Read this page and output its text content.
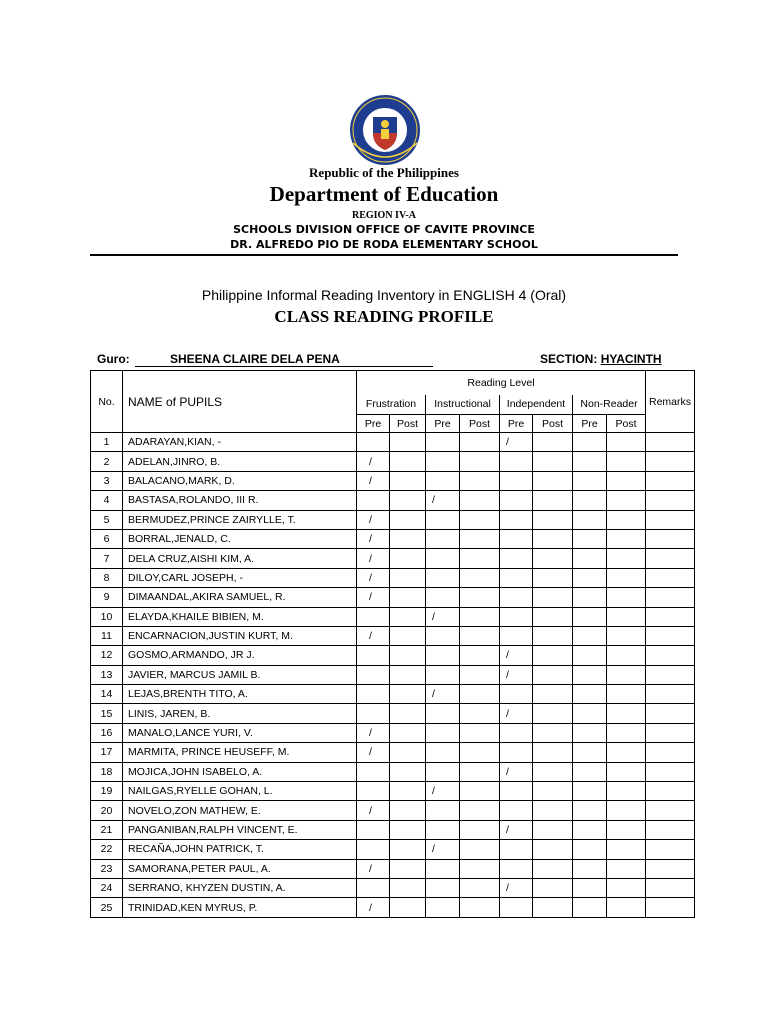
Republic of the Philippines
Department of Education
REGION IV-A
SCHOOLS DIVISION OFFICE OF CAVITE PROVINCE
DR. ALFREDO PIO DE RODA ELEMENTARY SCHOOL
Philippine Informal Reading Inventory in ENGLISH 4 (Oral)
CLASS READING PROFILE
Guro:	SHEENA CLAIRE DELA PENA	SECTION: HYACINTH
No.	NAME of PUPILS	Reading Level								Remarks
		Frustration		Instructional		Independent		Non-Reader		
		Pre	Post	Pre	Post	Pre	Post	Pre	Post	
1	ADARAYAN,KIAN, -					/				
2	ADELAN,JINRO, B.	/								
3	BALACANO,MARK, D.	/								
4	BASTASA,ROLANDO, III R.			/						
5	BERMUDEZ,PRINCE ZAIRYLLE, T.	/								
6	BORRAL,JENALD, C.	/								
7	DELA CRUZ,AISHI KIM, A.	/								
8	DILOY,CARL JOSEPH, -	/								
9	DIMAANDAL,AKIRA SAMUEL, R.	/								
10	ELAYDA,KHAILE BIBIEN, M.			/						
11	ENCARNACION,JUSTIN KURT, M.	/								
12	GOSMO,ARMANDO, JR J.					/				
13	JAVIER, MARCUS JAMIL B.					/				
14	LEJAS,BRENTH TITO, A.			/						
15	LINIS, JAREN, B.					/				
16	MANALO,LANCE YURI, V.	/								
17	MARMITA, PRINCE HEUSEFF, M.	/								
18	MOJICA,JOHN ISABELO, A.					/				
19	NAILGAS,RYELLE GOHAN, L.			/						
20	NOVELO,ZON MATHEW, E.	/								
21	PANGANIBAN,RALPH VINCENT, E.					/				
22	RECAÑA,JOHN PATRICK, T.			/						
23	SAMORANA,PETER PAUL, A.	/								
24	SERRANO, KHYZEN DUSTIN, A.					/				
25	TRINIDAD,KEN MYRUS, P.	/								
